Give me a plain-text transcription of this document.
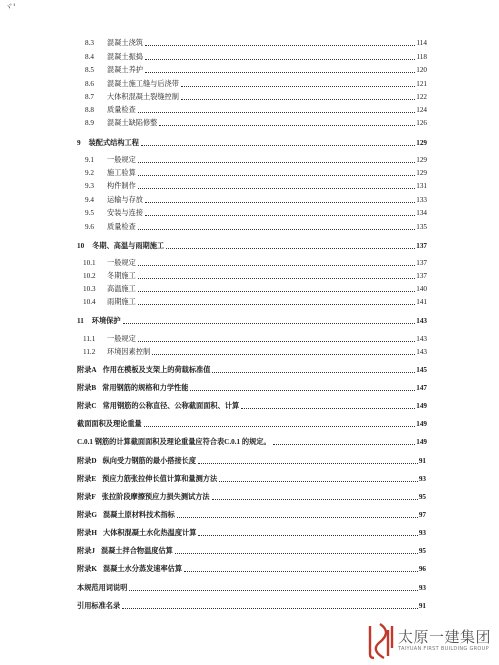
ヾ'
8.3	混凝土浇筑	114
8.4	混凝土振捣	118
8.5	混凝土养护	120
8.6	混凝土施工缝与后浇带	121
8.7	大体积混凝土裂缝控制	122
8.8	质量检查	124
8.9	混凝土缺陷修整	126
9	装配式结构工程	129
9.1	一般规定	129
9.2	施工验算	129
9.3	构件制作	131
9.4	运输与存放	133
9.5	安装与连接	134
9.6	质量检查	135
10	冬期、高温与雨期施工	137
10.1	一般规定	137
10.2	冬期施工	137
10.3	高温施工	140
10.4	雨期施工	141
11	环境保护	143
11.1	一般规定	143
11.2	环境因素控制	143
附录A 作用在模板及支架上的荷载标准值	145
附录B 常用钢筋的规格和力学性能	147
附录C 常用钢筋的公称直径、公称截面面积、计算	149
截面面积及理论重量	149
C.0.1 钢筋的计算截面面积及理论重量应符合表C.0.1 的规定。	149
附录D 纵向受力钢筋的最小搭接长度	91
附录E 预应力筋张拉伸长值计算和量测方法	93
附录F 张拉阶段摩擦预应力损失测试方法	95
附录G 混凝土原材料技术指标	97
附录H 大体积混凝土水化热温度计算	93
附录J 混凝土拌合物温度估算	95
附录K 混凝土水分蒸发速率估算	96
本规范用词说明	93
引用标准名录	91
太原一建集团
TAIYUAN FIRST BUILDING GROUP
